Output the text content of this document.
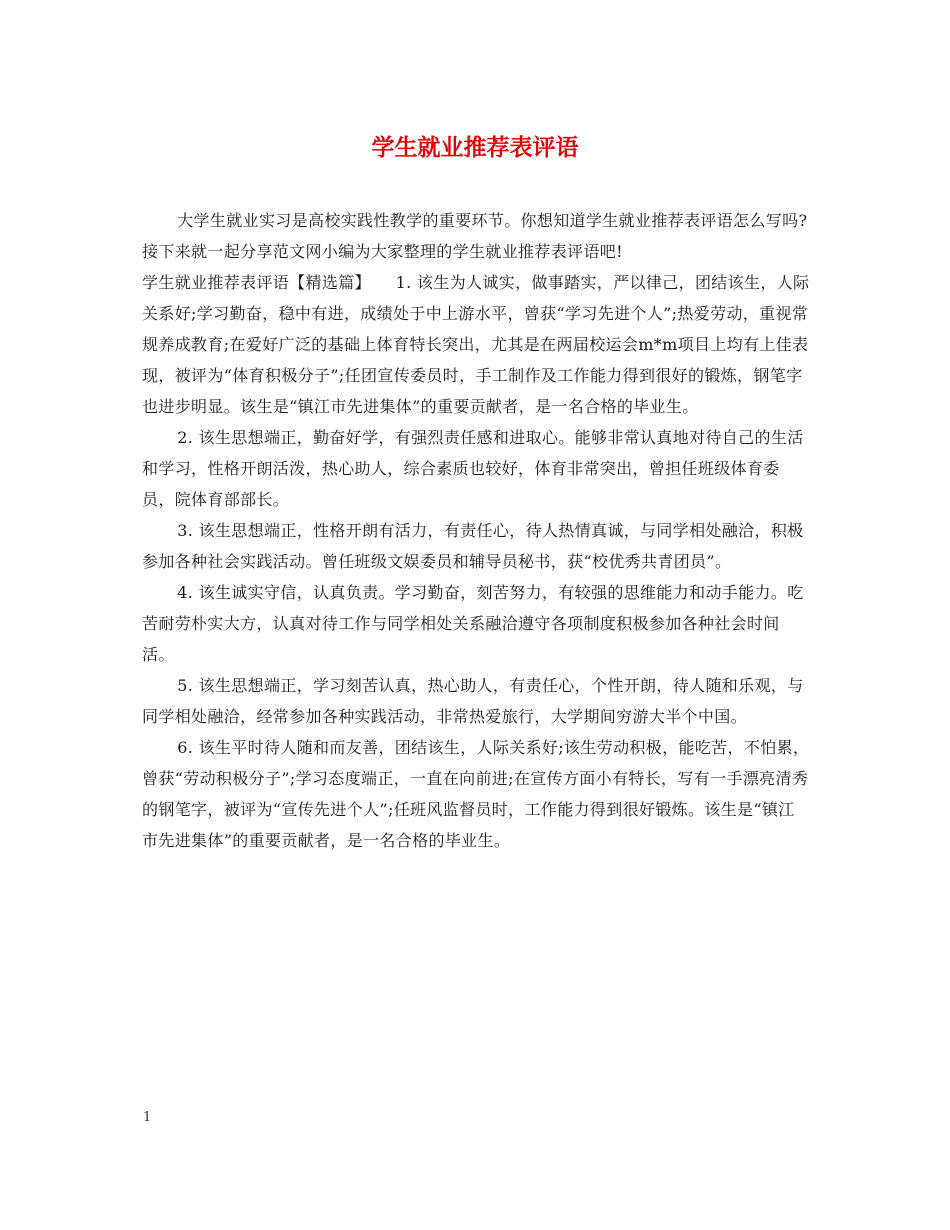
学生就业推荐表评语

大学生就业实习是高校实践性教学的重要环节。你想知道学生就业推荐表评语怎么写吗?接下来就一起分享范文网小编为大家整理的学生就业推荐表评语吧!

学生就业推荐表评语【精选篇】　　1. 该生为人诚实，做事踏实，严以律己，团结该生，人际关系好;学习勤奋，稳中有进，成绩处于中上游水平，曾获“学习先进个人”;热爱劳动，重视常规养成教育;在爱好广泛的基础上体育特长突出，尤其是在两届校运会m*m项目上均有上佳表现，被评为“体育积极分子”;任团宣传委员时，手工制作及工作能力得到很好的锻炼，钢笔字也进步明显。该生是“镇江市先进集体”的重要贡献者，是一名合格的毕业生。

2. 该生思想端正，勤奋好学，有强烈责任感和进取心。能够非常认真地对待自己的生活和学习，性格开朗活泼，热心助人，综合素质也较好，体育非常突出，曾担任班级体育委员，院体育部部长。

3. 该生思想端正，性格开朗有活力，有责任心，待人热情真诚，与同学相处融洽，积极参加各种社会实践活动。曾任班级文娱委员和辅导员秘书，获“校优秀共青团员”。

4. 该生诚实守信，认真负责。学习勤奋，刻苦努力，有较强的思维能力和动手能力。吃苦耐劳朴实大方，认真对待工作与同学相处关系融洽遵守各项制度积极参加各种社会时间活。

5. 该生思想端正，学习刻苦认真，热心助人，有责任心，个性开朗，待人随和乐观，与同学相处融洽，经常参加各种实践活动，非常热爱旅行，大学期间穷游大半个中国。

6. 该生平时待人随和而友善，团结该生，人际关系好;该生劳动积极，能吃苦，不怕累，曾获“劳动积极分子”;学习态度端正，一直在向前进;在宣传方面小有特长，写有一手漂亮清秀的钢笔字，被评为“宣传先进个人”;任班风监督员时，工作能力得到很好锻炼。该生是“镇江市先进集体”的重要贡献者，是一名合格的毕业生。

1
